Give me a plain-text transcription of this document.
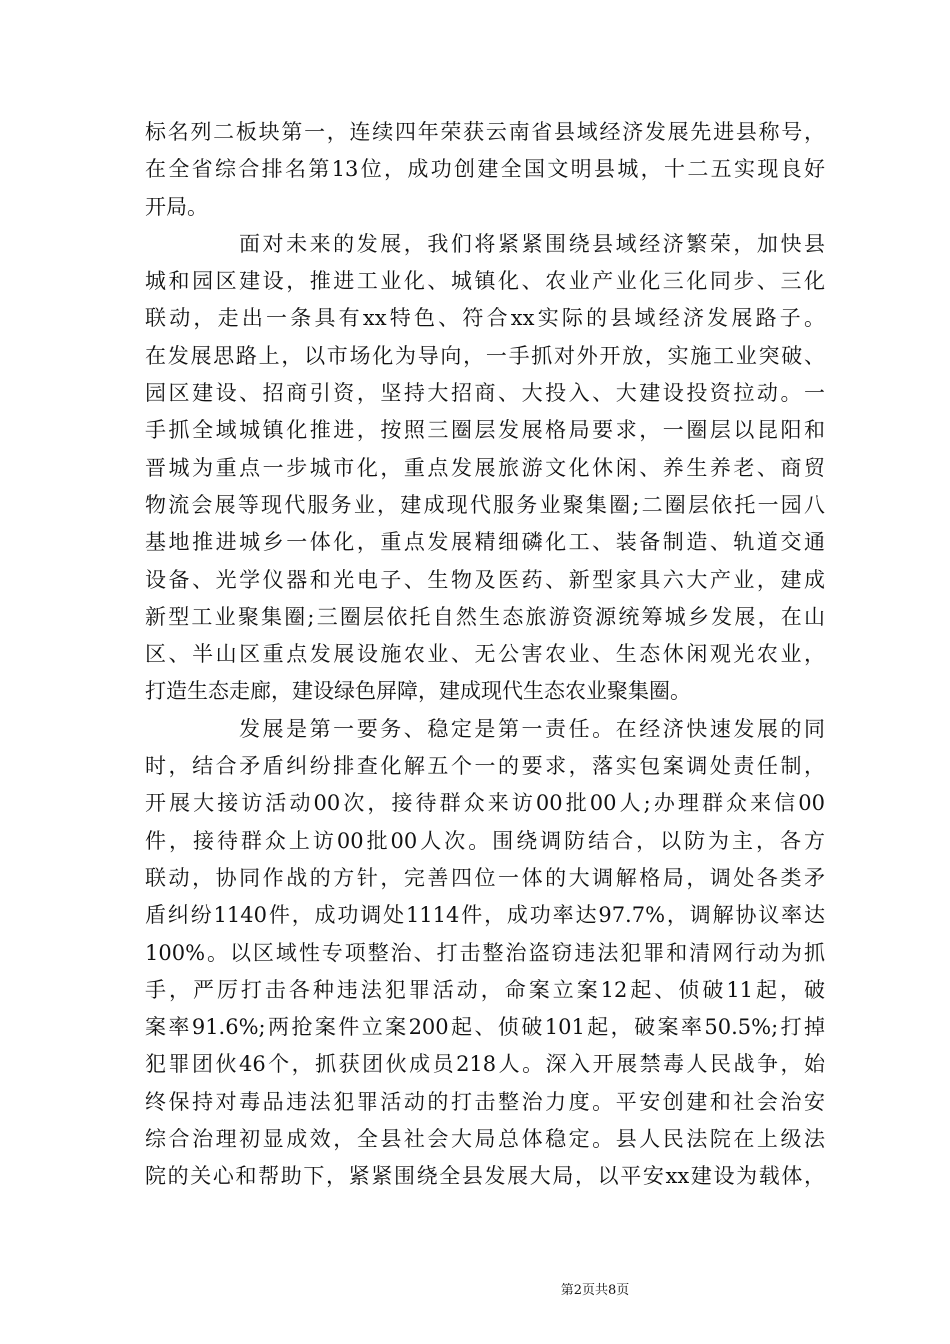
标名列二板块第一，连续四年荣获云南省县域经济发展先进县称号，
在全省综合排名第13位，成功创建全国文明县城，十二五实现良好
开局。
面对未来的发展，我们将紧紧围绕县域经济繁荣，加快县
城和园区建设，推进工业化、城镇化、农业产业化三化同步、三化
联动，走出一条具有xx特色、符合xx实际的县域经济发展路子。
在发展思路上，以市场化为导向，一手抓对外开放，实施工业突破、
园区建设、招商引资，坚持大招商、大投入、大建设投资拉动。一
手抓全域城镇化推进，按照三圈层发展格局要求，一圈层以昆阳和
晋城为重点一步城市化，重点发展旅游文化休闲、养生养老、商贸
物流会展等现代服务业，建成现代服务业聚集圈;二圈层依托一园八
基地推进城乡一体化，重点发展精细磷化工、装备制造、轨道交通
设备、光学仪器和光电子、生物及医药、新型家具六大产业，建成
新型工业聚集圈;三圈层依托自然生态旅游资源统筹城乡发展，在山
区、半山区重点发展设施农业、无公害农业、生态休闲观光农业，
打造生态走廊，建设绿色屏障，建成现代生态农业聚集圈。
发展是第一要务、稳定是第一责任。在经济快速发展的同
时，结合矛盾纠纷排查化解五个一的要求，落实包案调处责任制，
开展大接访活动00次，接待群众来访00批00人;办理群众来信00
件，接待群众上访00批00人次。围绕调防结合，以防为主，各方
联动，协同作战的方针，完善四位一体的大调解格局，调处各类矛
盾纠纷1140件，成功调处1114件，成功率达97.7%，调解协议率达
100%。以区域性专项整治、打击整治盗窃违法犯罪和清网行动为抓
手，严厉打击各种违法犯罪活动，命案立案12起、侦破11起，破
案率91.6%;两抢案件立案200起、侦破101起，破案率50.5%;打掉
犯罪团伙46个，抓获团伙成员218人。深入开展禁毒人民战争，始
终保持对毒品违法犯罪活动的打击整治力度。平安创建和社会治安
综合治理初显成效，全县社会大局总体稳定。县人民法院在上级法
院的关心和帮助下，紧紧围绕全县发展大局，以平安xx建设为载体，
第2页共8页
